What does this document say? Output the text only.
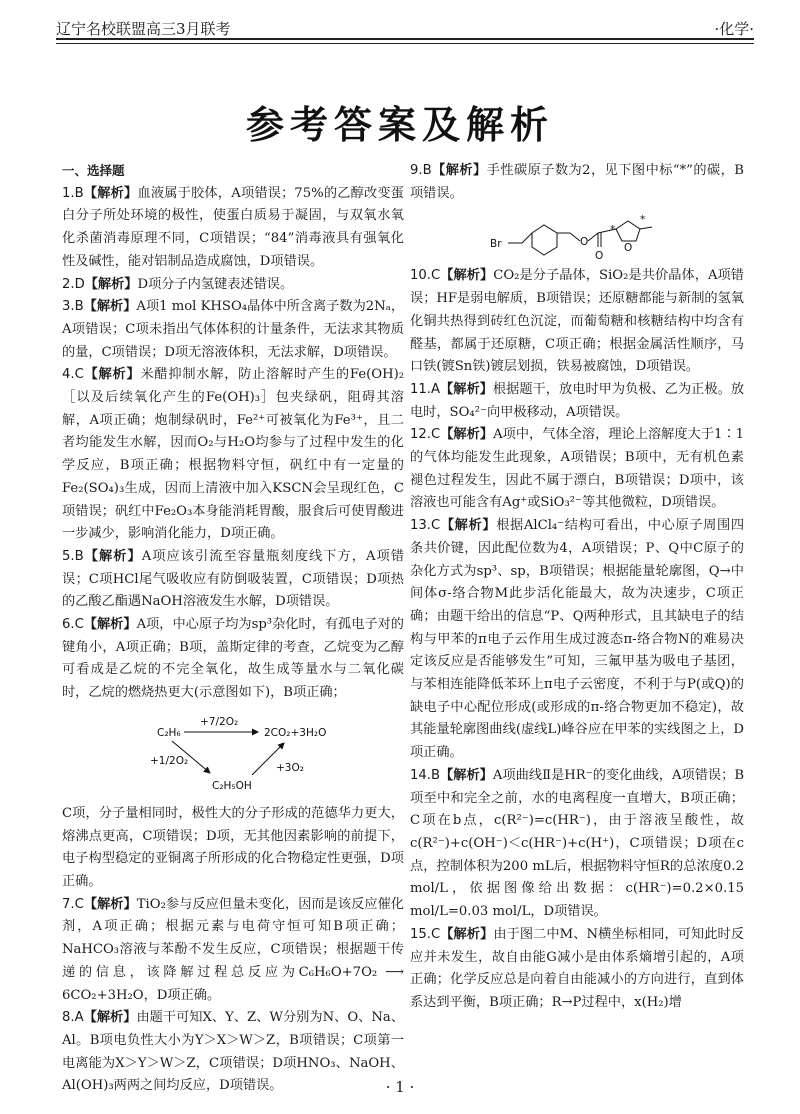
辽宁名校联盟高三3月联考	·化学·
参考答案及解析
一、选择题

1.B【解析】血液属于胶体，A项错误；75%的乙醇改变蛋白分子所处环境的极性，使蛋白质易于凝固，与双氧水氧化杀菌消毒原理不同，C项错误；“84”消毒液具有强氧化性及碱性，能对铝制品造成腐蚀，D项错误。

2.D【解析】D项分子内氢键表述错误。

3.B【解析】A项1 mol KHSO₄晶体中所含离子数为2Nₐ，A项错误；C项未指出气体体积的计量条件，无法求其物质的量，C项错误；D项无溶液体积，无法求解，D项错误。

4.C【解析】米醋抑制水解，防止溶解时产生的Fe(OH)₂［以及后续氧化产生的Fe(OH)₃］包夹绿矾，阻碍其溶解，A项正确；炮制绿矾时，Fe²⁺可被氧化为Fe³⁺，且二者均能发生水解，因而O₂与H₂O均参与了过程中发生的化学反应，B项正确；根据物料守恒，矾红中有一定量的Fe₂(SO₄)₃生成，因而上清液中加入KSCN会呈现红色，C项错误；矾红中Fe₂O₃本身能消耗胃酸，服食后可使胃酸进一步减少，影响消化能力，D项正确。

5.B【解析】A项应该引流至容量瓶刻度线下方，A项错误；C项HCl尾气吸收应有防倒吸装置，C项错误；D项热的乙酸乙酯遇NaOH溶液发生水解，D项错误。

6.C【解析】A项，中心原子均为sp³杂化时，有孤电子对的键角小，A项正确；B项，盖斯定律的考查，乙烷变为乙醇可看成是乙烷的不完全氧化，故生成等量水与二氧化碳时，乙烷的燃烧热更大(示意图如下)，B项正确；

C₂H₆
+7/2O₂
2CO₂+3H₂O
+1/2O₂
C₂H₅OH
+3O₂

C项，分子量相同时，极性大的分子形成的范德华力更大，熔沸点更高，C项错误；D项，无其他因素影响的前提下，电子构型稳定的亚铜离子所形成的化合物稳定性更强，D项正确。

7.C【解析】TiO₂参与反应但量未变化，因而是该反应催化剂，A项正确；根据元素与电荷守恒可知B项正确；NaHCO₃溶液与苯酚不发生反应，C项错误；根据题干传递的信息，该降解过程总反应为C₆H₆O+7O₂ ⟶ 6CO₂+3H₂O，D项正确。

8.A【解析】由题干可知X、Y、Z、W分别为N、O、Na、Al。B项电负性大小为Y＞X＞W＞Z，B项错误；C项第一电离能为X＞Y＞W＞Z，C项错误；D项HNO₃、NaOH、Al(OH)₃两两之间均反应，D项错误。

9.B【解析】手性碳原子数为2，见下图中标“*”的碳，B项错误。

Br	O
O
O
*
*

10.C【解析】CO₂是分子晶体，SiO₂是共价晶体，A项错误；HF是弱电解质，B项错误；还原糖都能与新制的氢氧化铜共热得到砖红色沉淀，而葡萄糖和核糖结构中均含有醛基，都属于还原糖，C项正确；根据金属活性顺序，马口铁(镀Sn铁)镀层划损，铁易被腐蚀，D项错误。

11.A【解析】根据题干，放电时甲为负极、乙为正极。放电时，SO₄²⁻向甲极移动，A项错误。

12.C【解析】A项中，气体全溶，理论上溶解度大于1∶1的气体均能发生此现象，A项错误；B项中，无有机色素褪色过程发生，因此不属于漂白，B项错误；D项中，该溶液也可能含有Ag⁺或SiO₃²⁻等其他微粒，D项错误。

13.C【解析】根据AlCl₄⁻结构可看出，中心原子周围四条共价键，因此配位数为4，A项错误；P、Q中C原子的杂化方式为sp³、sp，B项错误；根据能量轮廓图，Q→中间体σ-络合物M此步活化能最大，故为决速步，C项正确；由题干给出的信息“P、Q两种形式，且其缺电子的结构与甲苯的π电子云作用生成过渡态π-络合物N的难易决定该反应是否能够发生”可知，三氟甲基为吸电子基团，与苯相连能降低苯环上π电子云密度，不利于与P(或Q)的缺电子中心配位形成(或形成的π-络合物更加不稳定)，故其能量轮廓图曲线(虚线L)峰谷应在甲苯的实线图之上，D项正确。

14.B【解析】A项曲线Ⅱ是HR⁻的变化曲线，A项错误；B项至中和完全之前，水的电离程度一直增大，B项正确；C项在b点，c(R²⁻)=c(HR⁻)，由于溶液呈酸性，故c(R²⁻)+c(OH⁻)＜c(HR⁻)+c(H⁺)，C项错误；D项在c点，控制体积为200 mL后，根据物料守恒R的总浓度0.2 mol/L，依据图像给出数据：c(HR⁻)=0.2×0.15 mol/L=0.03 mol/L，D项错误。

15.C【解析】由于图二中M、N横坐标相同，可知此时反应并未发生，故自由能G减小是由体系熵增引起的，A项正确；化学反应总是向着自由能减小的方向进行，直到体系达到平衡，B项正确；R→P过程中，x(H₂)增

· 1 ·
